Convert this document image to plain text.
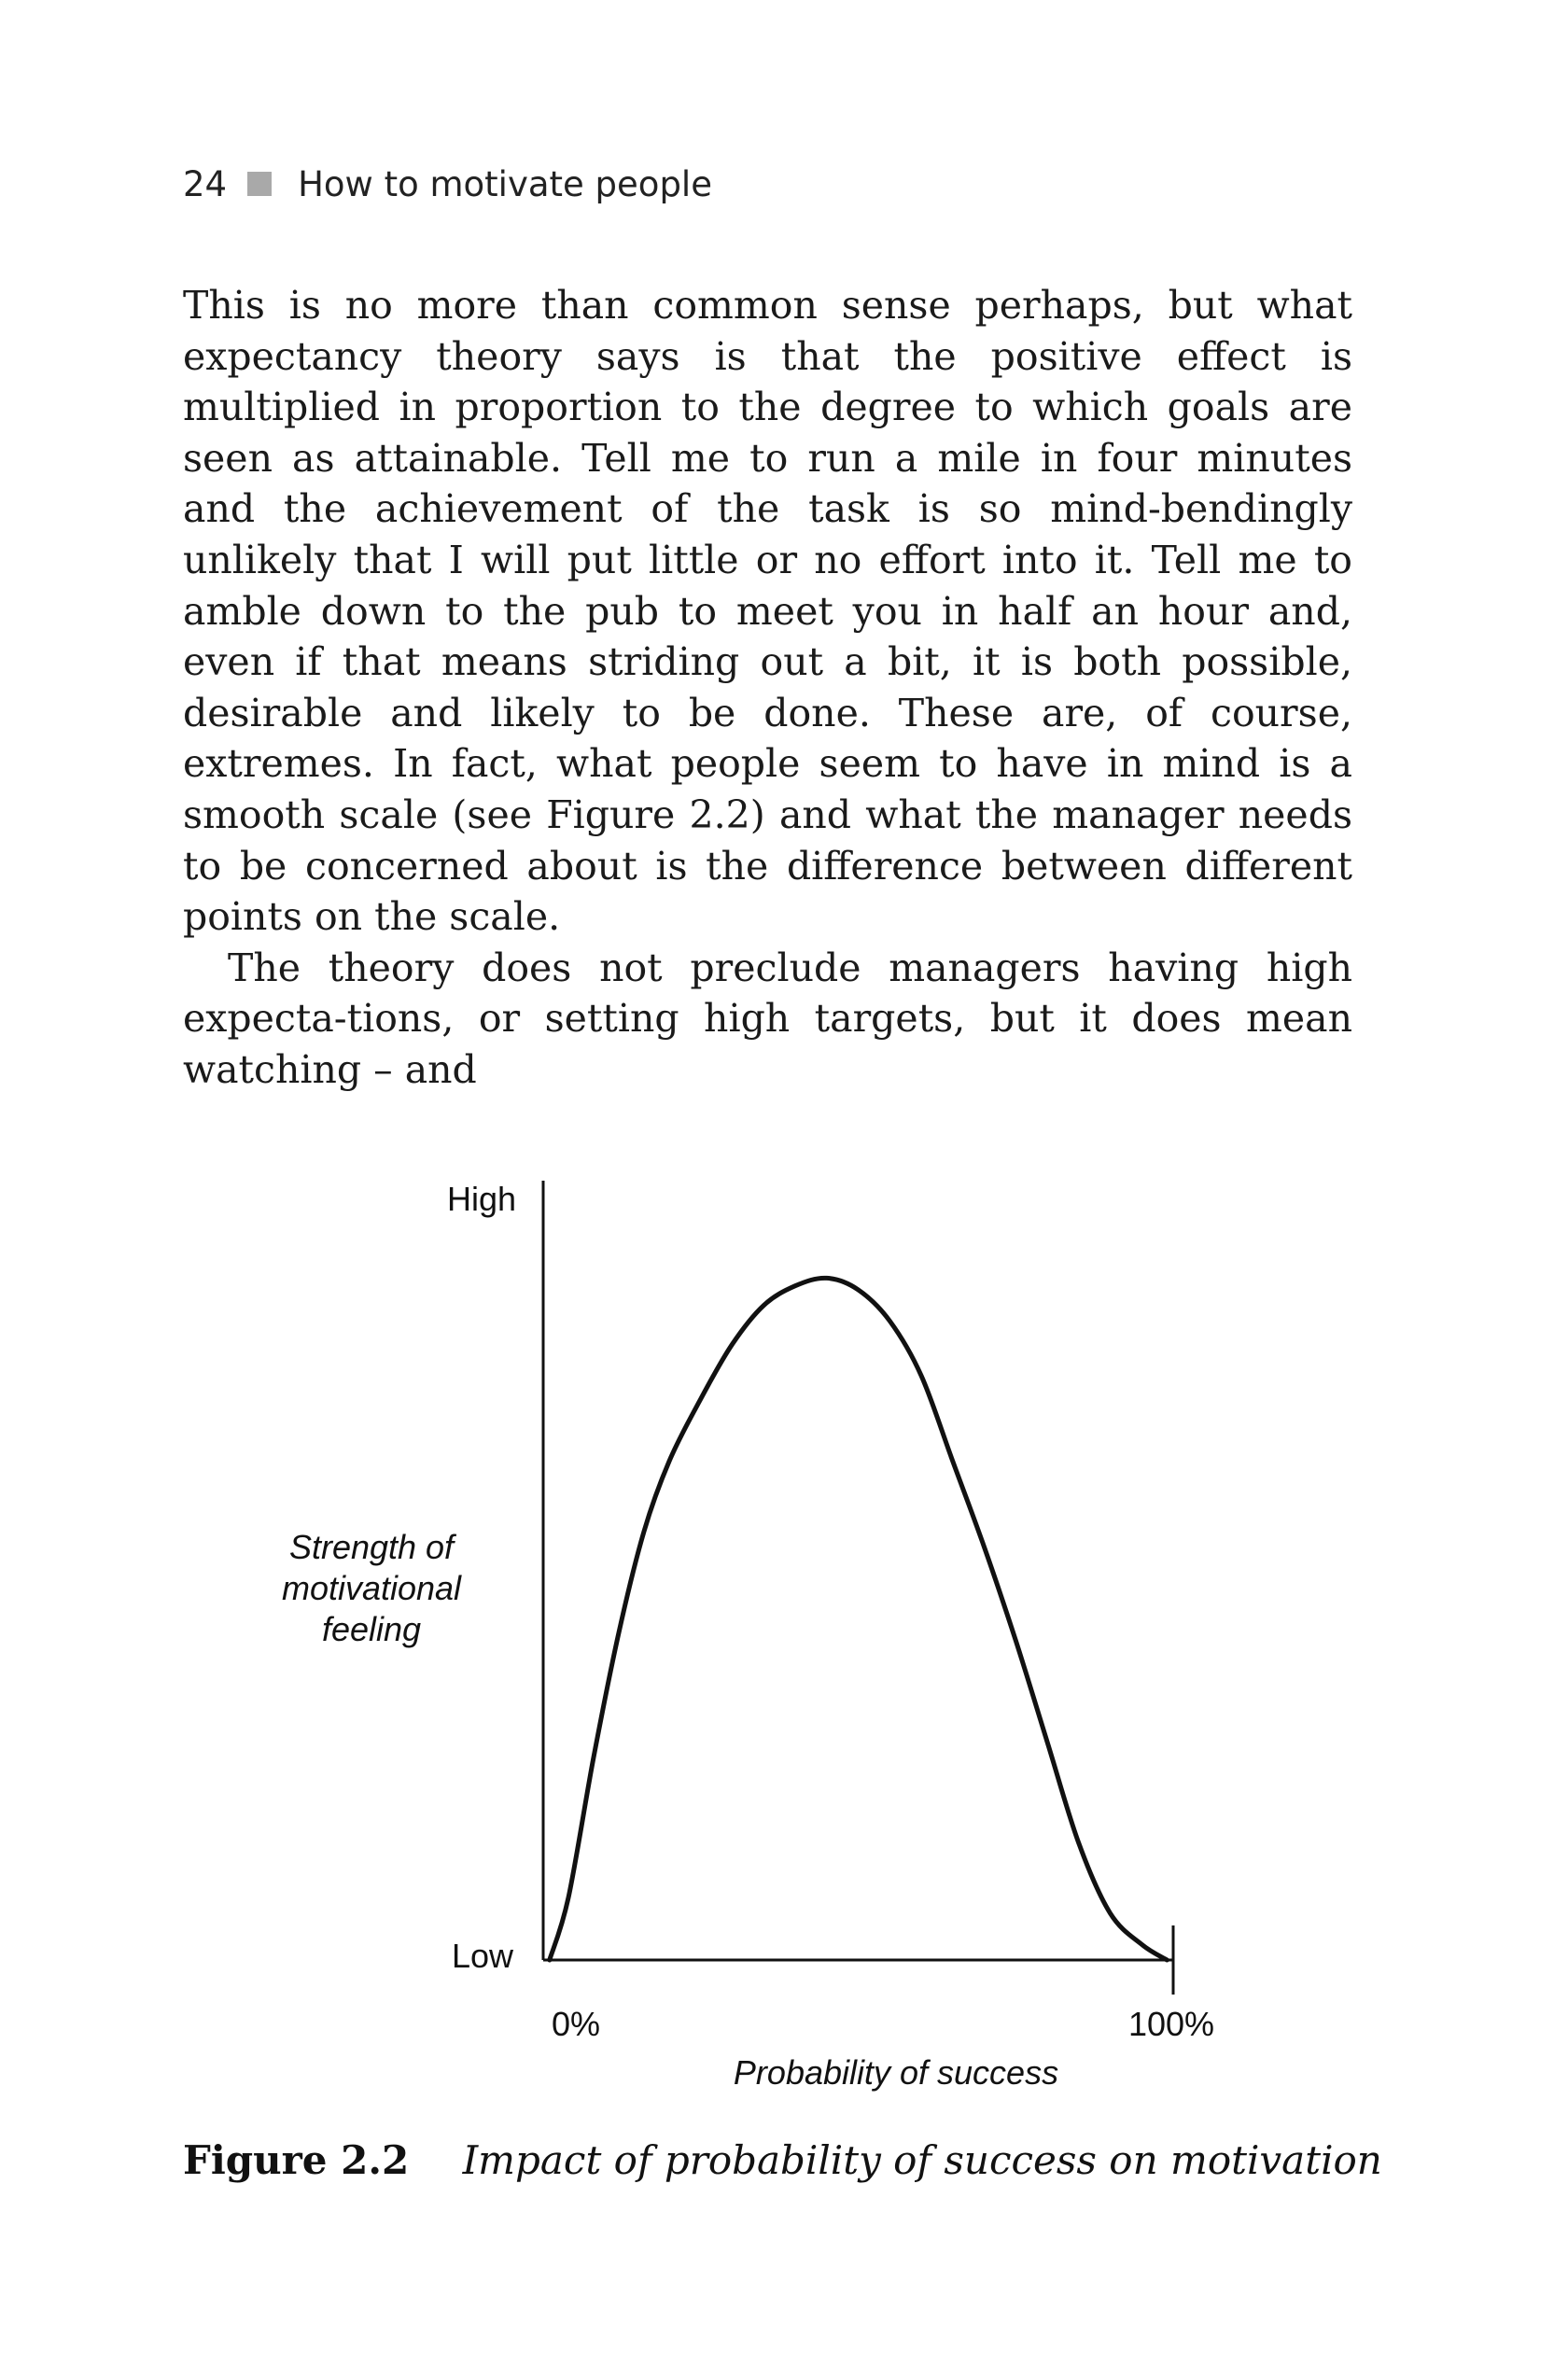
24 How to motivate people

This is no more than common sense perhaps, but what expectancy theory says is that the positive effect is multiplied in proportion to the degree to which goals are seen as attainable. Tell me to run a mile in four minutes and the achievement of the task is so mind-bendingly unlikely that I will put little or no effort into it. Tell me to amble down to the pub to meet you in half an hour and, even if that means striding out a bit, it is both possible, desirable and likely to be done. These are, of course, extremes. In fact, what people seem to have in mind is a smooth scale (see Figure 2.2) and what the manager needs to be concerned about is the difference between different points on the scale.

The theory does not preclude managers having high expecta-tions, or setting high targets, but it does mean watching – and

High
Low
Strength of
motivational
feeling
0%	100%
Probability of success
Figure 2.2 Impact of probability of success on motivation
